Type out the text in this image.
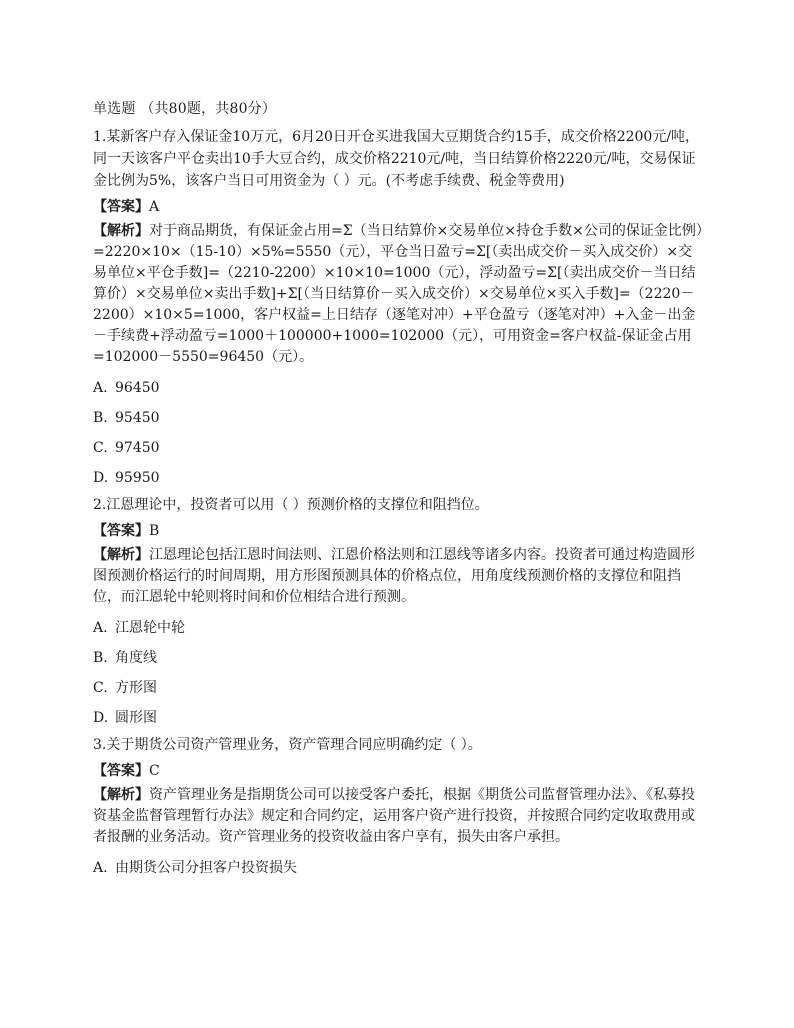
单选题 （共80题，共80分）

1.某新客户存入保证金10万元，6月20日开仓买进我国大豆期货合约15手，成交价格2200元/吨，同一天该客户平仓卖出10手大豆合约，成交价格2210元/吨，当日结算价格2220元/吨，交易保证金比例为5%，该客户当日可用资金为（ ）元。(不考虑手续费、税金等费用)

【答案】A

【解析】对于商品期货，有保证金占用=Σ（当日结算价×交易单位×持仓手数×公司的保证金比例）=2220×10×（15-10）×5%=5550（元），平仓当日盈亏=Σ[（卖出成交价－买入成交价）×交易单位×平仓手数]=（2210-2200）×10×10=1000（元），浮动盈亏=Σ[（卖出成交价－当日结算价）×交易单位×卖出手数]+Σ[（当日结算价－买入成交价）×交易单位×买入手数]=（2220－2200）×10×5=1000，客户权益=上日结存（逐笔对冲）+平仓盈亏（逐笔对冲）+入金－出金－手续费+浮动盈亏=1000＋100000+1000=102000（元），可用资金=客户权益-保证金占用=102000－5550=96450（元）。

A. 96450

B. 95450

C. 97450

D. 95950

2.江恩理论中，投资者可以用（ ）预测价格的支撑位和阻挡位。

【答案】B

【解析】江恩理论包括江恩时间法则、江恩价格法则和江恩线等诸多内容。投资者可通过构造圆形图预测价格运行的时间周期，用方形图预测具体的价格点位，用角度线预测价格的支撑位和阻挡位，而江恩轮中轮则将时间和价位相结合进行预测。

A. 江恩轮中轮

B. 角度线

C. 方形图

D. 圆形图

3.关于期货公司资产管理业务，资产管理合同应明确约定（ ）。

【答案】C

【解析】资产管理业务是指期货公司可以接受客户委托，根据《期货公司监督管理办法》、《私募投资基金监督管理暂行办法》规定和合同约定，运用客户资产进行投资，并按照合同约定收取费用或者报酬的业务活动。资产管理业务的投资收益由客户享有，损失由客户承担。

A. 由期货公司分担客户投资损失
